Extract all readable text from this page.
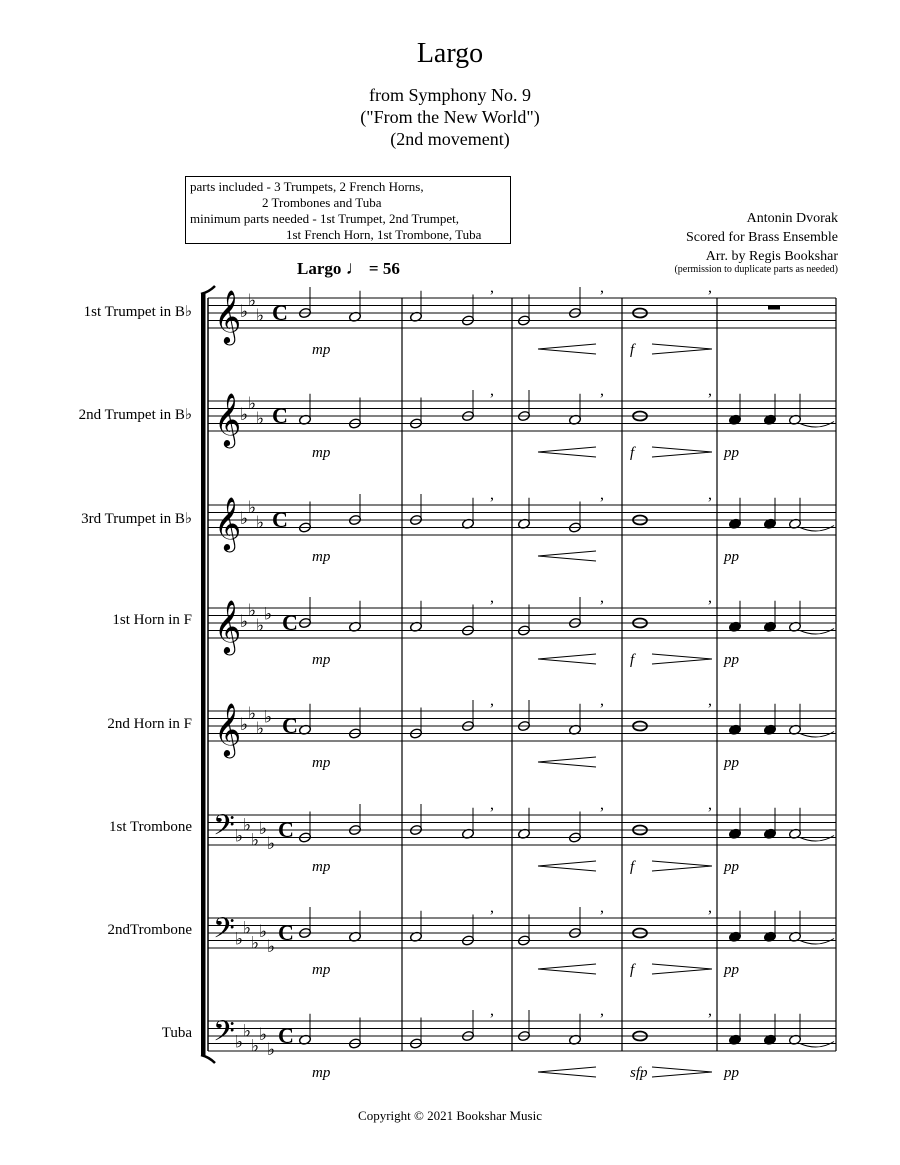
Largo
from Symphony No. 9
("From the New World")
(2nd movement)
parts included - 3 Trumpets, 2 French Horns,
2 Trombones and Tuba
minimum parts needed - 1st Trumpet, 2nd Trumpet,
1st French Horn, 1st Trombone, Tuba
Antonin Dvorak
Scored for Brass Ensemble
Arr. by Regis Bookshar
(permission to duplicate parts as needed)
Largo ♩ = 56
1st Trumpet in B♭
2nd Trumpet in B♭
3rd Trumpet in B♭
1st Horn in F
2nd Horn in F
1st Trombone
2ndTrombone
Tuba
𝄞
♭
♭
♭ C
,	,	,
mp	f
𝄞
♭
♭
♭ C
,	,	,
mp	f	pp
𝄞
♭
♭
♭ C
,	,	,
mp	pp
𝄞
♭
♭
♭
♭ C
,	,	,
mp	f	pp
𝄞
♭
♭
♭
♭ C
,	,	,
mp	pp
𝄢 ♭
♭
♭
♭
♭
C
,	,	,
mp	f	pp
𝄢 ♭
♭
♭
♭
♭
C
,	,	,
mp	f	pp
𝄢 ♭
♭
♭
♭
♭
C
,	,	,
mp	sfp	pp
Copyright © 2021 Bookshar Music
